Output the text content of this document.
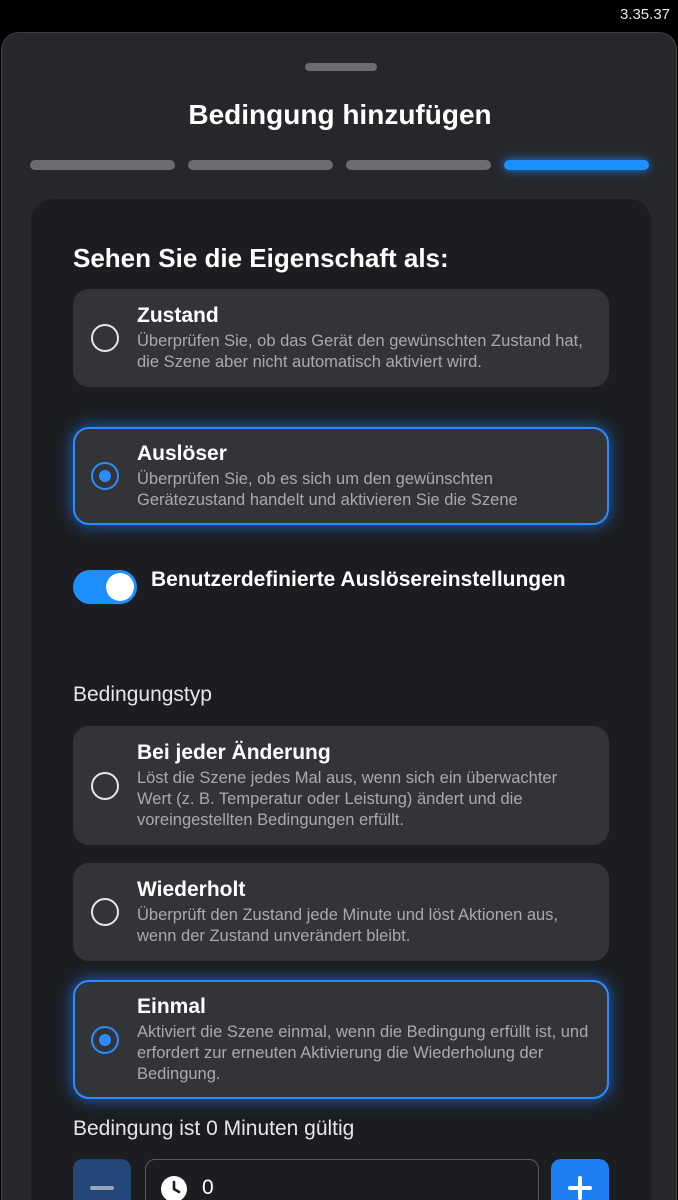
3.35.37
Bedingung hinzufügen
Sehen Sie die Eigenschaft als:
Zustand
Überprüfen Sie, ob das Gerät den gewünschten Zustand hat, die Szene aber nicht automatisch aktiviert wird.
Auslöser
Überprüfen Sie, ob es sich um den gewünschten Gerätezustand handelt und aktivieren Sie die Szene
Benutzerdefinierte Auslösereinstellungen
Bedingungstyp
Bei jeder Änderung
Löst die Szene jedes Mal aus, wenn sich ein überwachter Wert (z. B. Temperatur oder Leistung) ändert und die voreingestellten Bedingungen erfüllt.
Wiederholt
Überprüft den Zustand jede Minute und löst Aktionen aus, wenn der Zustand unverändert bleibt.
Einmal
Aktiviert die Szene einmal, wenn die Bedingung erfüllt ist, und erfordert zur erneuten Aktivierung die Wiederholung der Bedingung.
Bedingung ist 0 Minuten gültig
0
